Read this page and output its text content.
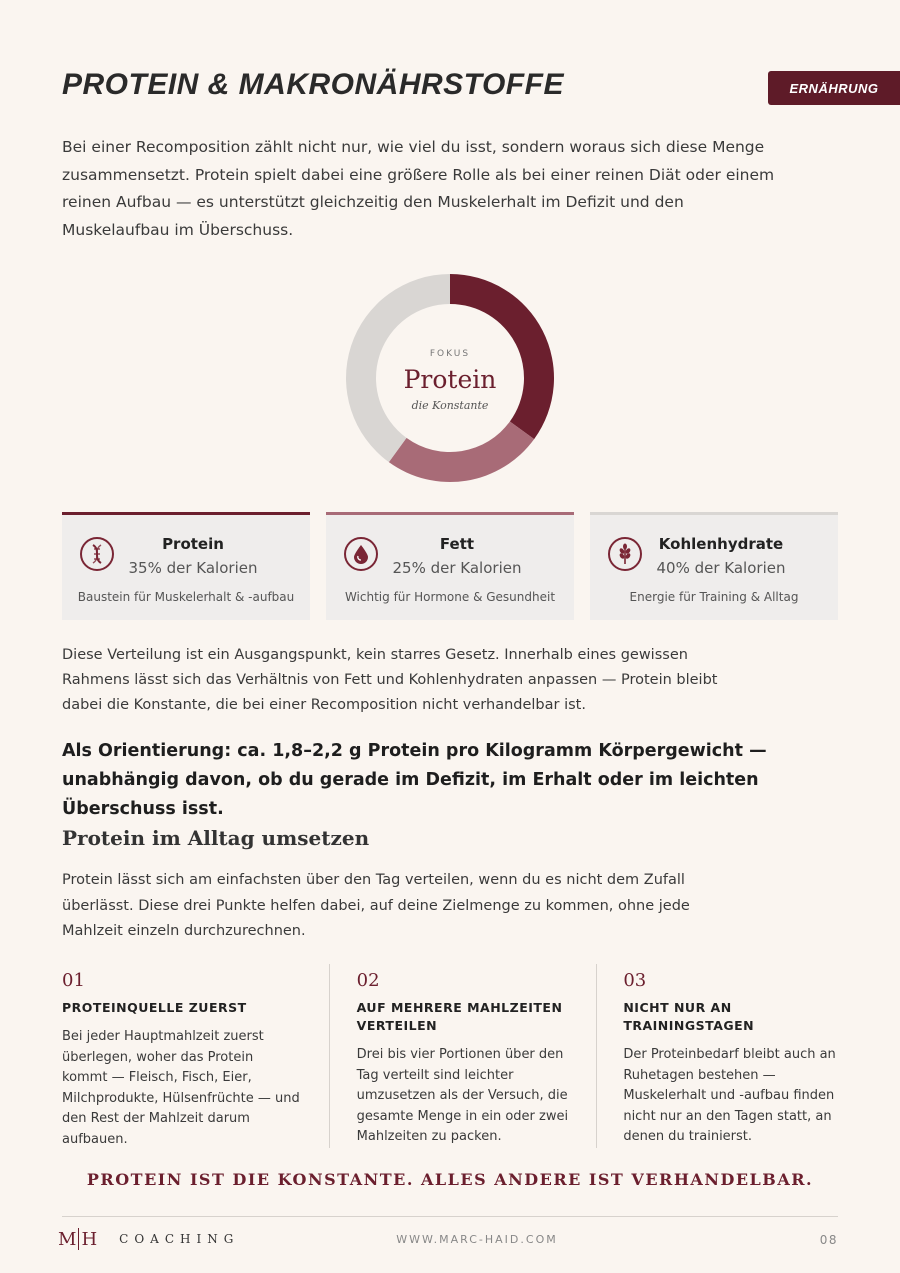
PROTEIN & MAKRONÄHRSTOFFE	ERNÄHRUNG

Bei einer Recomposition zählt nicht nur, wie viel du isst, sondern woraus sich diese Menge zusammensetzt. Protein spielt dabei eine größere Rolle als bei einer reinen Diät oder einem reinen Aufbau — es unterstützt gleichzeitig den Muskelerhalt im Defizit und den Muskelaufbau im Überschuss.

FOKUS
Protein
die Konstante
Protein
35% der Kalorien
Baustein für Muskelerhalt & -aufbau
Fett
25% der Kalorien
Wichtig für Hormone & Gesundheit
Kohlenhydrate
40% der Kalorien
Energie für Training & Alltag

Diese Verteilung ist ein Ausgangspunkt, kein starres Gesetz. Innerhalb eines gewissen Rahmens lässt sich das Verhältnis von Fett und Kohlenhydraten anpassen — Protein bleibt dabei die Konstante, die bei einer Recomposition nicht verhandelbar ist.

Als Orientierung: ca. 1,8–2,2 g Protein pro Kilogramm Körpergewicht — unabhängig davon, ob du gerade im Defizit, im Erhalt oder im leichten Überschuss isst.

Protein im Alltag umsetzen

Protein lässt sich am einfachsten über den Tag verteilen, wenn du es nicht dem Zufall überlässt. Diese drei Punkte helfen dabei, auf deine Zielmenge zu kommen, ohne jede Mahlzeit einzeln durchzurechnen.

01
PROTEINQUELLE ZUERST
Bei jeder Hauptmahlzeit zuerst überlegen, woher das Protein kommt — Fleisch, Fisch, Eier, Milchprodukte, Hülsenfrüchte — und den Rest der Mahlzeit darum aufbauen.
02
AUF MEHRERE MAHLZEITEN VERTEILEN
Drei bis vier Portionen über den Tag verteilt sind leichter umzusetzen als der Versuch, die gesamte Menge in ein oder zwei Mahlzeiten zu packen.
03
NICHT NUR AN TRAININGSTAGEN
Der Proteinbedarf bleibt auch an Ruhetagen bestehen — Muskelerhalt und -aufbau finden nicht nur an den Tagen statt, an denen du trainierst.
PROTEIN IST DIE KONSTANTE. ALLES ANDERE IST VERHANDELBAR.
M H COACHING	WWW.MARC-HAID.COM	08
